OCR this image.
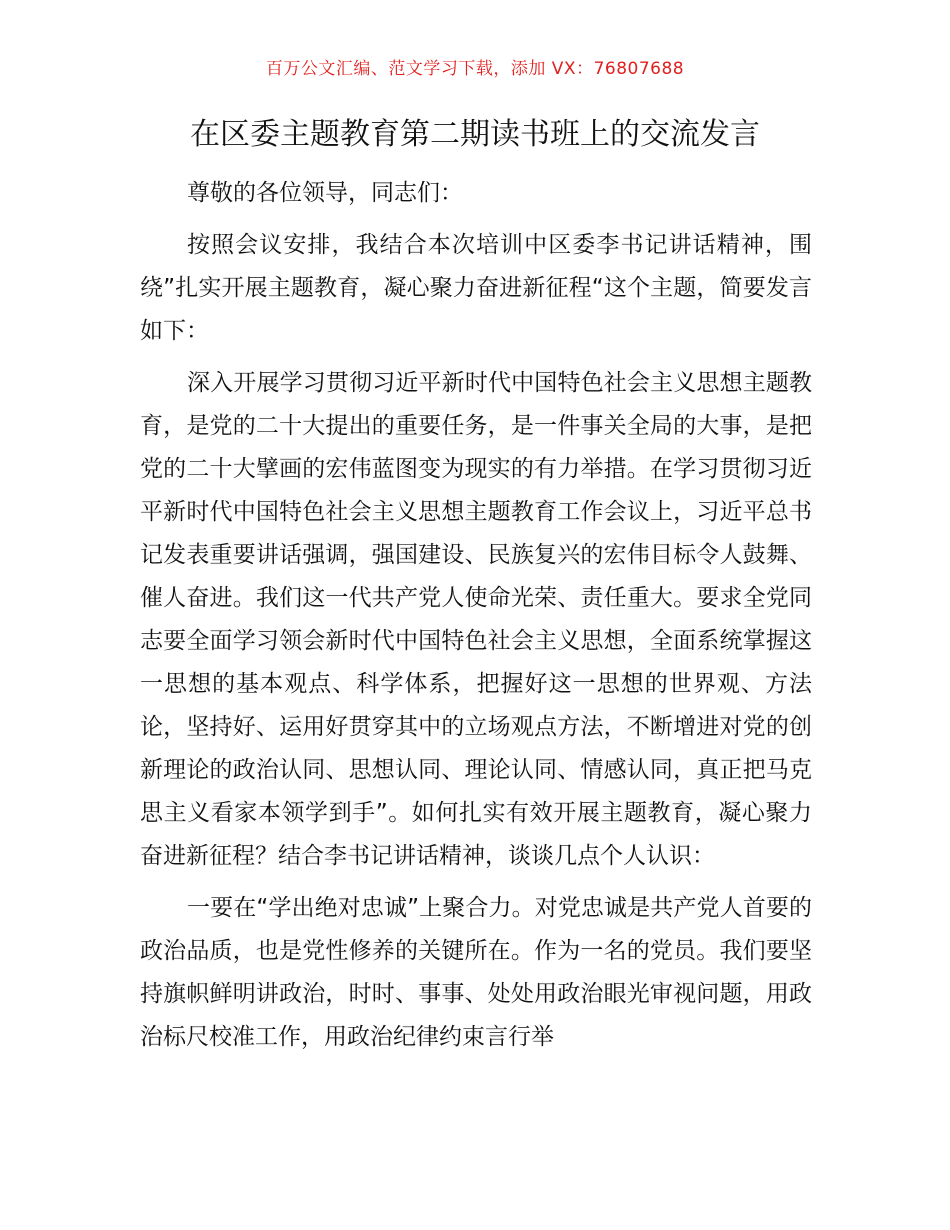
百万公文汇编、范文学习下载，添加 VX：76807688
在区委主题教育第二期读书班上的交流发言

尊敬的各位领导，同志们：

按照会议安排，我结合本次培训中区委李书记讲话精神，围绕”扎实开展主题教育，凝心聚力奋进新征程“这个主题，简要发言如下：

深入开展学习贯彻习近平新时代中国特色社会主义思想主题教育，是党的二十大提出的重要任务，是一件事关全局的大事，是把党的二十大擘画的宏伟蓝图变为现实的有力举措。在学习贯彻习近平新时代中国特色社会主义思想主题教育工作会议上，习近平总书记发表重要讲话强调，强国建设、民族复兴的宏伟目标令人鼓舞、催人奋进。我们这一代共产党人使命光荣、责任重大。要求全党同志要全面学习领会新时代中国特色社会主义思想，全面系统掌握这一思想的基本观点、科学体系，把握好这一思想的世界观、方法论，坚持好、运用好贯穿其中的立场观点方法，不断增进对党的创新理论的政治认同、思想认同、理论认同、情感认同，真正把马克思主义看家本领学到手”。如何扎实有效开展主题教育，凝心聚力奋进新征程？结合李书记讲话精神，谈谈几点个人认识：

一要在“学出绝对忠诚”上聚合力。对党忠诚是共产党人首要的政治品质，也是党性修养的关键所在。作为一名的党员。我们要坚持旗帜鲜明讲政治，时时、事事、处处用政治眼光审视问题，用政治标尺校准工作，用政治纪律约束言行举
